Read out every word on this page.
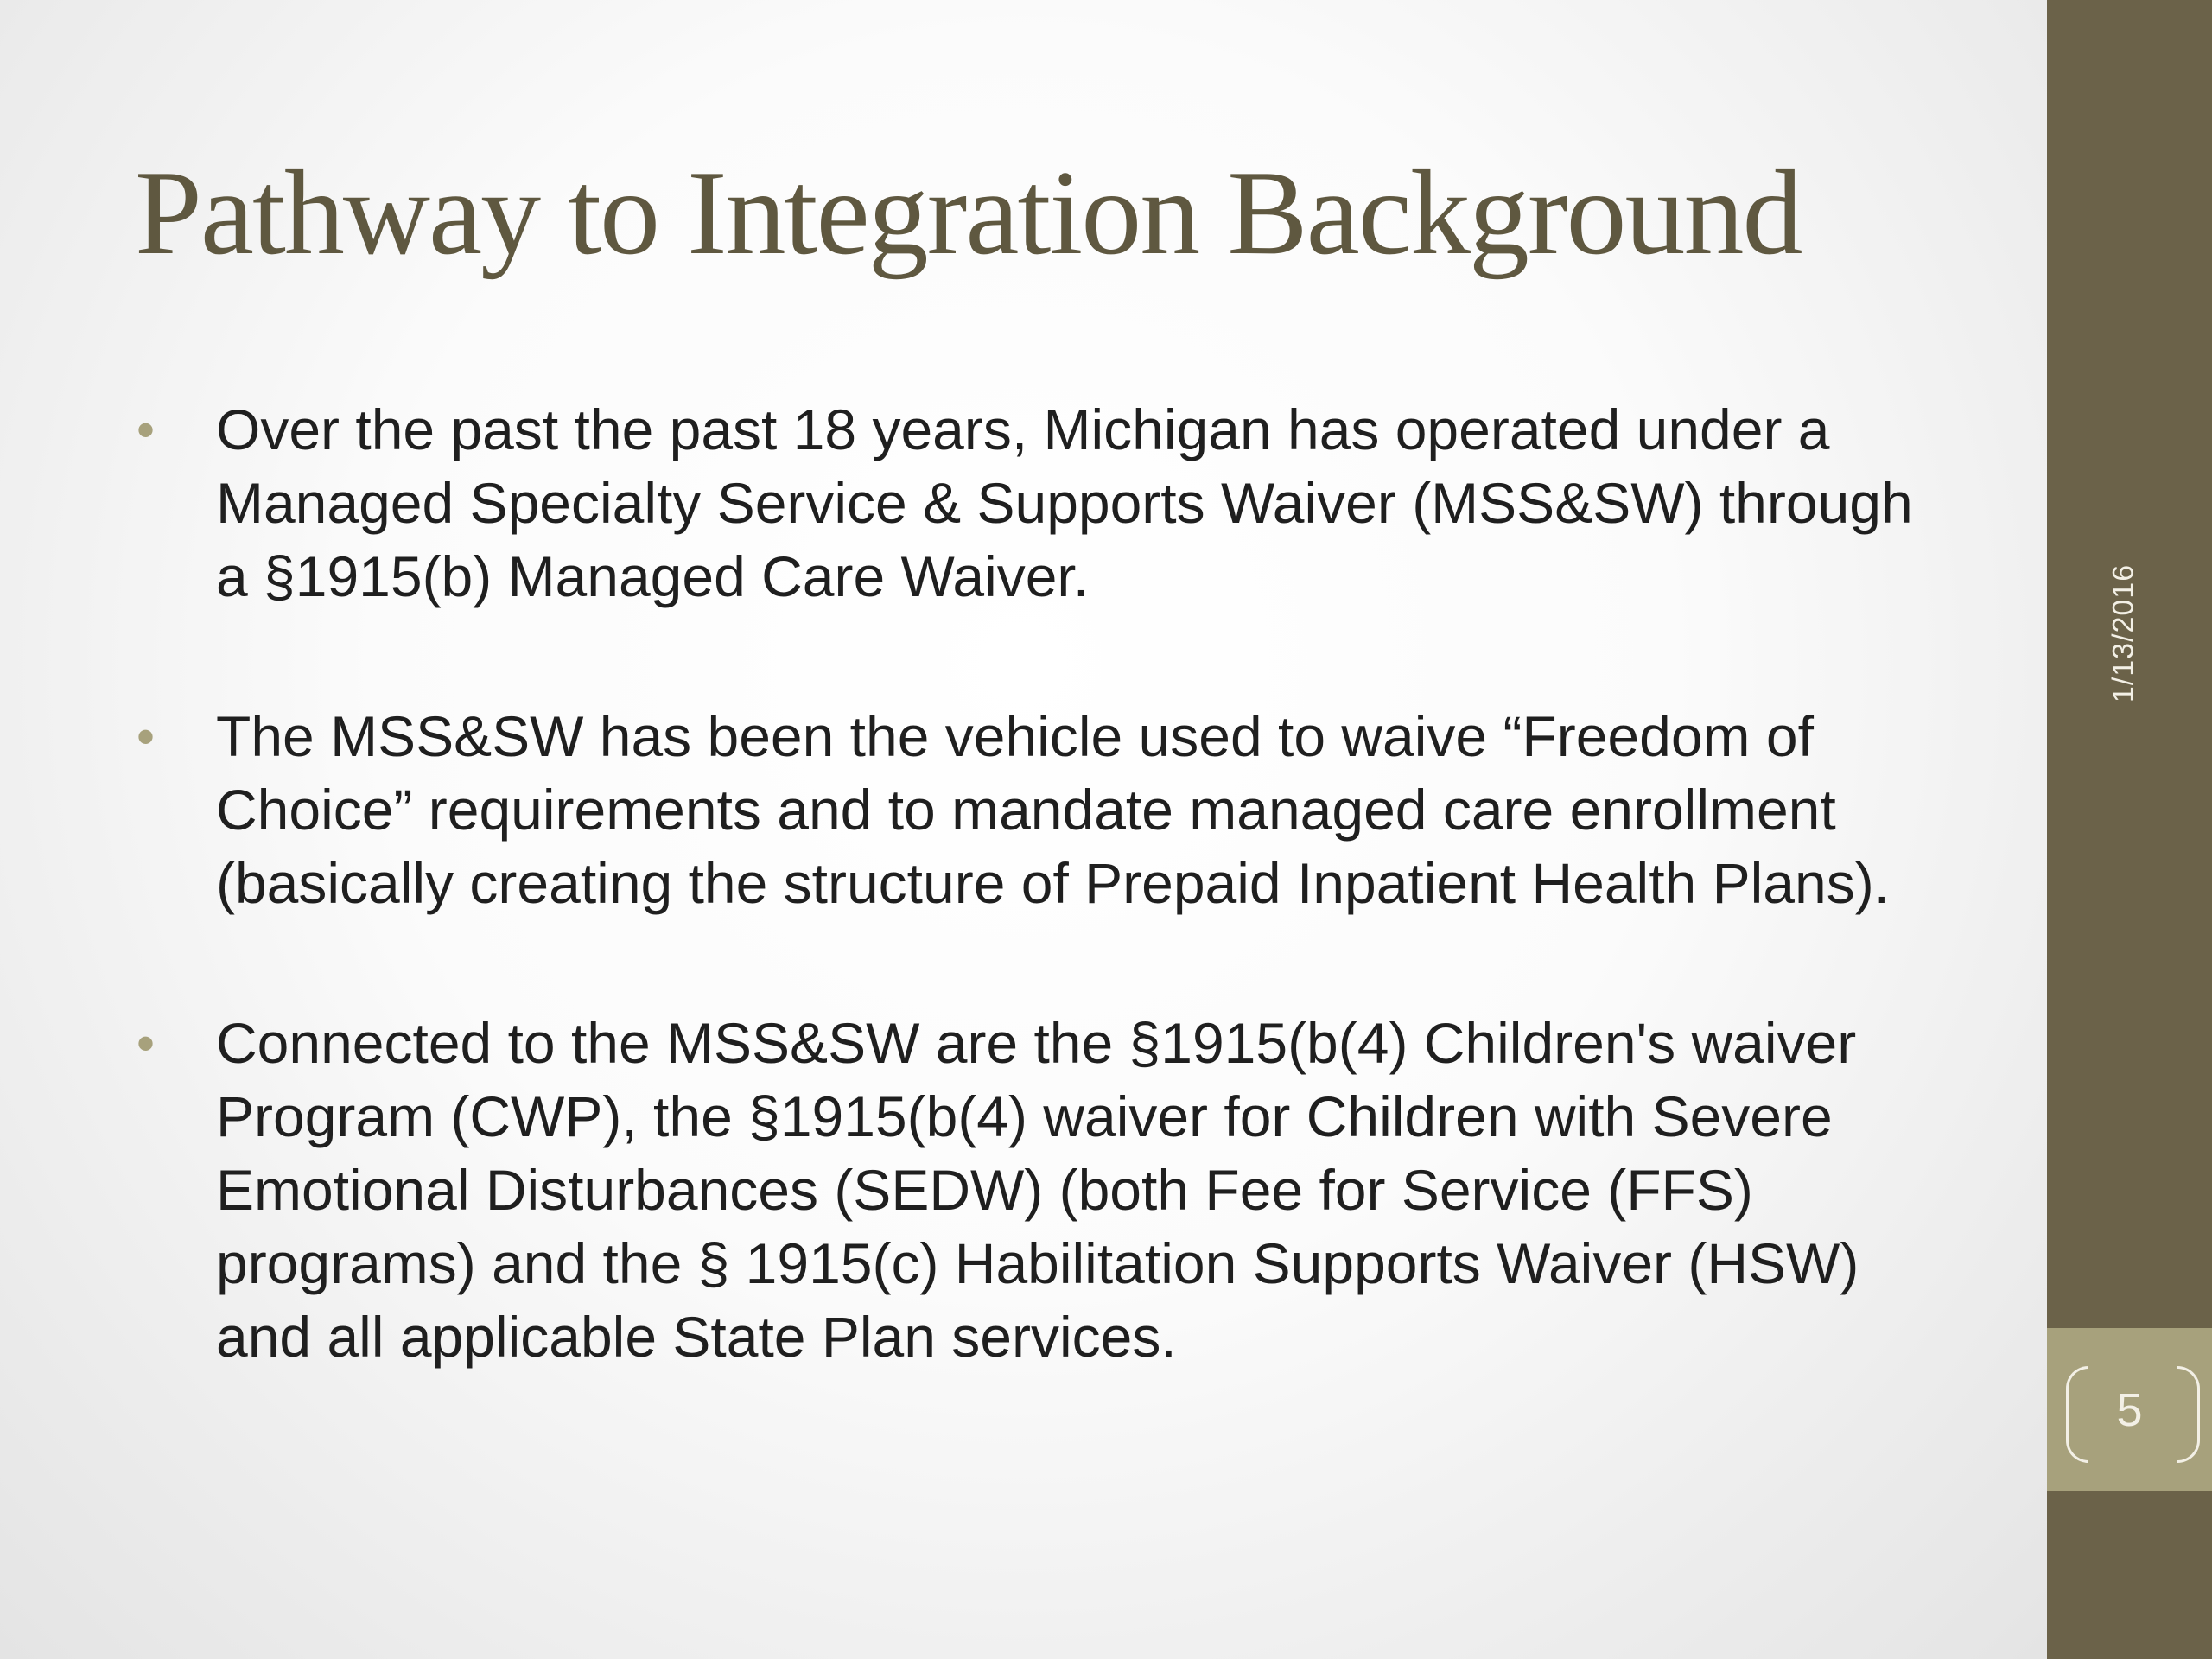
Pathway to Integration Background
• Over the past the past 18 years, Michigan has operated under a Managed Specialty Service & Supports Waiver (MSS&SW) through a §1915(b) Managed Care Waiver.
• The MSS&SW has been the vehicle used to waive “Freedom of Choice” requirements and to mandate managed care enrollment (basically creating the structure of Prepaid Inpatient Health Plans).
• Connected to the MSS&SW are the §1915(b(4) Children's waiver Program (CWP), the §1915(b(4) waiver for Children with Severe Emotional Disturbances (SEDW) (both Fee for Service (FFS) programs) and the § 1915(c) Habilitation Supports Waiver (HSW) and all applicable State Plan services.
1/13/2016
5
